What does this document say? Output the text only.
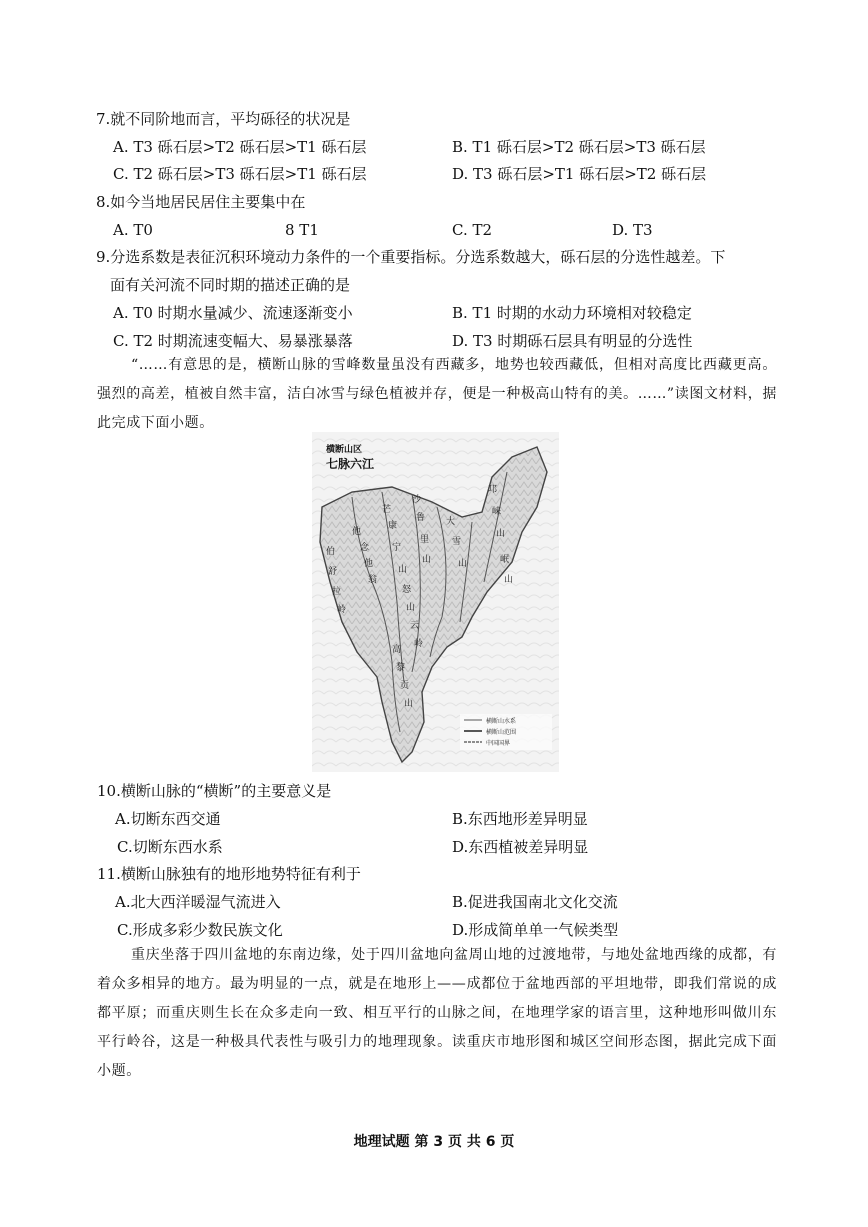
7.就不同阶地而言，平均砾径的状况是
A. T3 砾石层>T2 砾石层>T1 砾石层	B. T1 砾石层>T2 砾石层>T3 砾石层
C. T2 砾石层>T3 砾石层>T1 砾石层	D. T3 砾石层>T1 砾石层>T2 砾石层
8.如今当地居民居住主要集中在
A. T0	8 T1	C. T2	D. T3
9.分选系数是表征沉积环境动力条件的一个重要指标。分选系数越大，砾石层的分选性越差。下
面有关河流不同时期的描述正确的是
A. T0 时期水量减少、流速逐渐变小	B. T1 时期的水动力环境相对较稳定
C. T2 时期流速变幅大、易暴涨暴落	D. T3 时期砾石层具有明显的分选性
“……有意思的是，横断山脉的雪峰数量虽没有西藏多，地势也较西藏低，但相对高度比西藏更高。强烈的高差，植被自然丰富，洁白冰雪与绿色植被并存，便是一种极高山特有的美。……”读图文材料，据此完成下面小题。
横断山区
七脉六江
伯
舒
拉
岭
他
念
他
翁
芒
康
宁
山
沙
鲁
里
山
大
雪
山
邛
崃
山
云
岭
怒
山
高
黎
贡
山
岷
山
横断山水系
横断山范围
中国国界
10.横断山脉的“横断”的主要意义是
A.切断东西交通	B.东西地形差异明显
C.切断东西水系	D.东西植被差异明显
11.横断山脉独有的地形地势特征有利于
A.北大西洋暖湿气流进入	B.促进我国南北文化交流
C.形成多彩少数民族文化	D.形成简单单一气候类型
重庆坐落于四川盆地的东南边缘，处于四川盆地向盆周山地的过渡地带，与地处盆地西缘的成都，有着众多相异的地方。最为明显的一点，就是在地形上——成都位于盆地西部的平坦地带，即我们常说的成都平原；而重庆则生长在众多走向一致、相互平行的山脉之间，在地理学家的语言里，这种地形叫做川东平行岭谷，这是一种极具代表性与吸引力的地理现象。读重庆市地形图和城区空间形态图，据此完成下面小题。
地理试题 第 3 页 共 6 页
